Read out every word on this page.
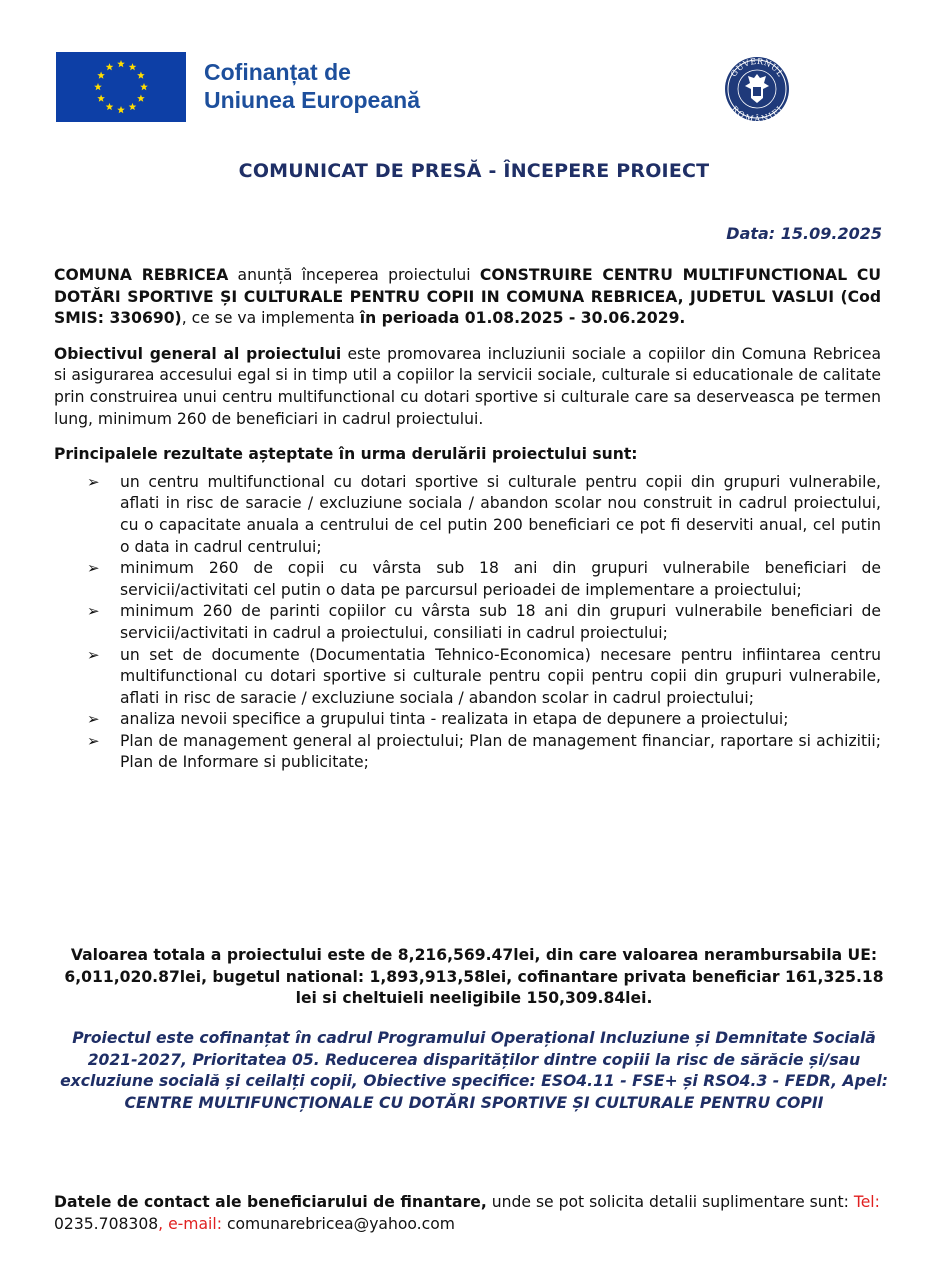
Cofinanțat de
Uniunea Europeană
GUVERNUL
ROMÂNIEI
COMUNICAT DE PRESĂ - ÎNCEPERE PROIECT
Data: 15.09.2025

COMUNA REBRICEA anunță începerea proiectului CONSTRUIRE CENTRU MULTIFUNCTIONAL CU DOTĂRI SPORTIVE ȘI CULTURALE PENTRU COPII IN COMUNA REBRICEA, JUDETUL VASLUI (Cod SMIS: 330690), ce se va implementa în perioada 01.08.2025 - 30.06.2029.

Obiectivul general al proiectului este promovarea incluziunii sociale a copiilor din Comuna Rebricea si asigurarea accesului egal si in timp util a copiilor la servicii sociale, culturale si educationale de calitate prin construirea unui centru multifunctional cu dotari sportive si culturale care sa deserveasca pe termen lung, minimum 260 de beneficiari in cadrul proiectului.

Principalele rezultate așteptate în urma derulării proiectului sunt:

➢ un centru multifunctional cu dotari sportive si culturale pentru copii din grupuri vulnerabile, aflati in risc de saracie / excluziune sociala / abandon scolar nou construit in cadrul proiectului, cu o capacitate anuala a centrului de cel putin 200 beneficiari ce pot fi deserviti anual, cel putin o data in cadrul centrului;
➢ minimum 260 de copii cu vârsta sub 18 ani din grupuri vulnerabile beneficiari de servicii/activitati cel putin o data pe parcursul perioadei de implementare a proiectului;
➢ minimum 260 de parinti copiilor cu vârsta sub 18 ani din grupuri vulnerabile beneficiari de servicii/activitati in cadrul a proiectului, consiliati in cadrul proiectului;
➢ un set de documente (Documentatia Tehnico-Economica) necesare pentru infiintarea centru multifunctional cu dotari sportive si culturale pentru copii pentru copii din grupuri vulnerabile, aflati in risc de saracie / excluziune sociala / abandon scolar in cadrul proiectului;
➢ analiza nevoii specifice a grupului tinta - realizata in etapa de depunere a proiectului;
➢ Plan de management general al proiectului; Plan de management financiar, raportare si achizitii; Plan de Informare si publicitate;
Valoarea totala a proiectului este de 8,216,569.47lei, din care valoarea nerambursabila UE: 6,011,020.87lei, bugetul national: 1,893,913,58lei, cofinantare privata beneficiar 161,325.18 lei si cheltuieli neeligibile 150,309.84lei.
Proiectul este cofinanțat în cadrul Programului Operațional Incluziune și Demnitate Socială 2021-2027, Prioritatea 05. Reducerea disparităților dintre copiii la risc de sărăcie și/sau excluziune socială și ceilalți copii, Obiective specifice: ESO4.11 - FSE+ și RSO4.3 - FEDR, Apel: CENTRE MULTIFUNCȚIONALE CU DOTĂRI SPORTIVE ȘI CULTURALE PENTRU COPII
Datele de contact ale beneficiarului de finantare, unde se pot solicita detalii suplimentare sunt: Tel: 0235.708308, e-mail: comunarebricea@yahoo.com
